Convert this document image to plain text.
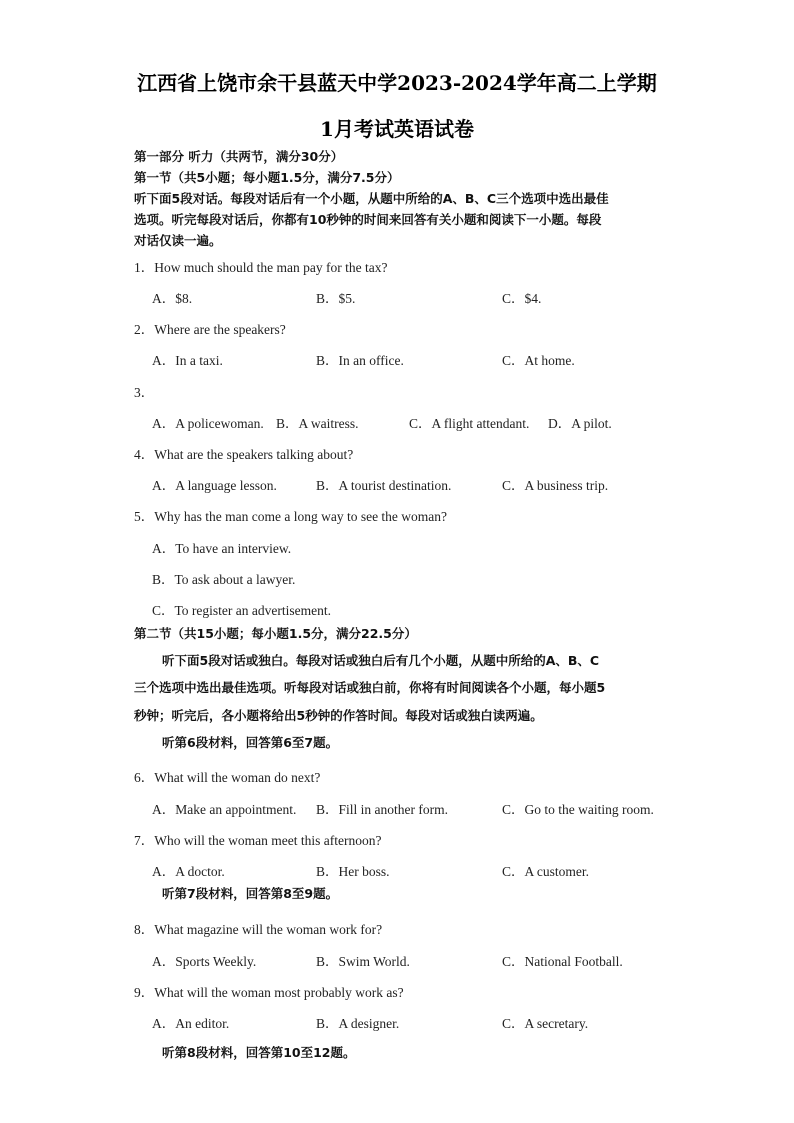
江西省上饶市余干县蓝天中学2023-2024学年高二上学期
1月考试英语试卷
第一部分 听力（共两节，满分30分）
第一节（共5小题；每小题1.5分，满分7.5分）
听下面5段对话。每段对话后有一个小题，从题中所给的A、B、C三个选项中选出最佳
选项。听完每段对话后，你都有10秒钟的时间来回答有关小题和阅读下一小题。每段
对话仅读一遍。
1．How much should the man pay for the tax?
A．$8.	B．$5.	C．$4.
2．Where are the speakers?
A．In a taxi.	B．In an office.	C．At home.
3．
A．A policewoman. B．A waitress.	C．A flight attendant. D．A pilot.
4．What are the speakers talking about?
A．A language lesson.	B．A tourist destination.	C．A business trip.
5．Why has the man come a long way to see the woman?
A．To have an interview.
B．To ask about a lawyer.
C．To register an advertisement.
第二节（共15小题；每小题1.5分，满分22.5分）
听下面5段对话或独白。每段对话或独白后有几个小题，从题中所给的A、B、C
三个选项中选出最佳选项。听每段对话或独白前，你将有时间阅读各个小题，每小题5
秒钟；听完后，各小题将给出5秒钟的作答时间。每段对话或独白读两遍。
听第6段材料，回答第6至7题。
6．What will the woman do next?
A．Make an appointment. B．Fill in another form.	C．Go to the waiting room.
7．Who will the woman meet this afternoon?
A．A doctor.	B．Her boss.	C．A customer.
听第7段材料，回答第8至9题。
8．What magazine will the woman work for?
A．Sports Weekly.	B．Swim World.	C．National Football.
9．What will the woman most probably work as?
A．An editor.	B．A designer.	C．A secretary.
听第8段材料，回答第10至12题。
